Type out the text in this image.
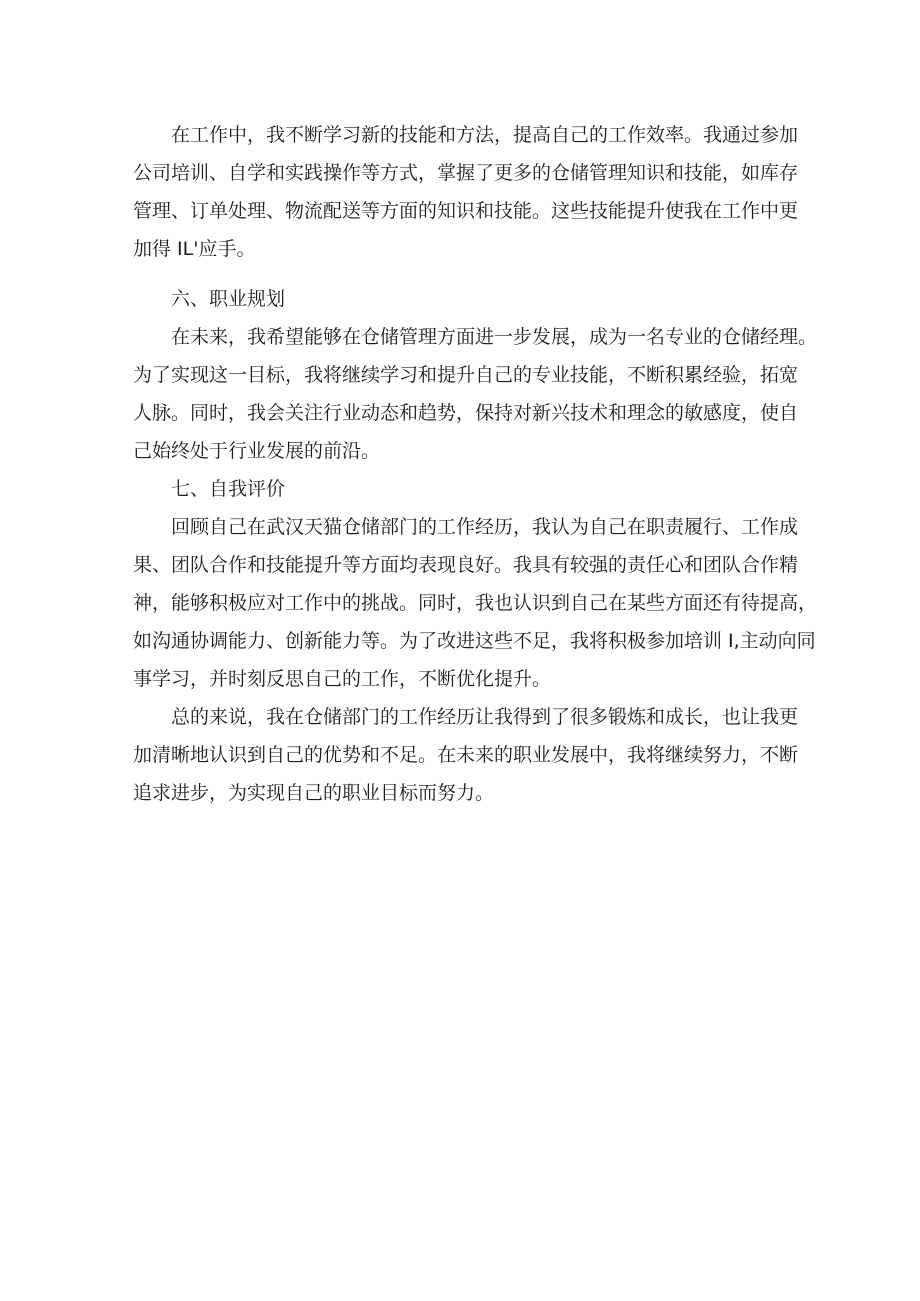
在工作中，我不断学习新的技能和方法，提高自己的工作效率。我通过参加
公司培训、自学和实践操作等方式，掌握了更多的仓储管理知识和技能，如库存
管理、订单处理、物流配送等方面的知识和技能。这些技能提升使我在工作中更
加得 IL'应手。
六、职业规划
在未来，我希望能够在仓储管理方面进一步发展，成为一名专业的仓储经理。
为了实现这一目标，我将继续学习和提升自己的专业技能，不断积累经验，拓宽
人脉。同时，我会关注行业动态和趋势，保持对新兴技术和理念的敏感度，使自
己始终处于行业发展的前沿。
七、自我评价
回顾自己在武汉天猫仓储部门的工作经历，我认为自己在职责履行、工作成
果、团队合作和技能提升等方面均表现良好。我具有较强的责任心和团队合作精
神，能够积极应对工作中的挑战。同时，我也认识到自己在某些方面还有待提高，
如沟通协调能力、创新能力等。为了改进这些不足，我将积极参加培训 I,主动向同
事学习，并时刻反思自己的工作，不断优化提升。
总的来说，我在仓储部门的工作经历让我得到了很多锻炼和成长，也让我更
加清晰地认识到自己的优势和不足。在未来的职业发展中，我将继续努力，不断
追求进步，为实现自己的职业目标而努力。
